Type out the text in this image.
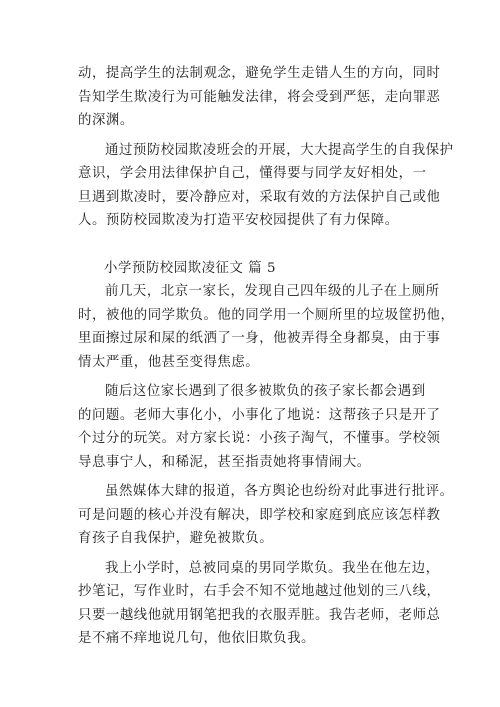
动，提高学生的法制观念，避免学生走错人生的方向，同时
告知学生欺凌行为可能触发法律，将会受到严惩，走向罪恶
的深渊。

通过预防校园欺凌班会的开展，大大提高学生的自我保护
意识，学会用法律保护自己，懂得要与同学友好相处，一
旦遇到欺凌时，要冷静应对，采取有效的方法保护自己或他
人。预防校园欺凌为打造平安校园提供了有力保障。

小学预防校园欺凌征文 篇 5

前几天，北京一家长，发现自己四年级的儿子在上厕所
时，被他的同学欺负。他的同学用一个厕所里的垃圾筐扔他，
里面擦过尿和屎的纸洒了一身，他被弄得全身都臭，由于事
情太严重，他甚至变得焦虑。

随后这位家长遇到了很多被欺负的孩子家长都会遇到
的问题。老师大事化小，小事化了地说：这帮孩子只是开了
个过分的玩笑。对方家长说：小孩子淘气，不懂事。学校领
导息事宁人，和稀泥，甚至指责她将事情闹大。

虽然媒体大肆的报道，各方舆论也纷纷对此事进行批评。
可是问题的核心并没有解决，即学校和家庭到底应该怎样教
育孩子自我保护，避免被欺负。

我上小学时，总被同桌的男同学欺负。我坐在他左边，
抄笔记，写作业时，右手会不知不觉地越过他划的三八线，
只要一越线他就用钢笔把我的衣服弄脏。我告老师，老师总
是不痛不痒地说几句，他依旧欺负我。
